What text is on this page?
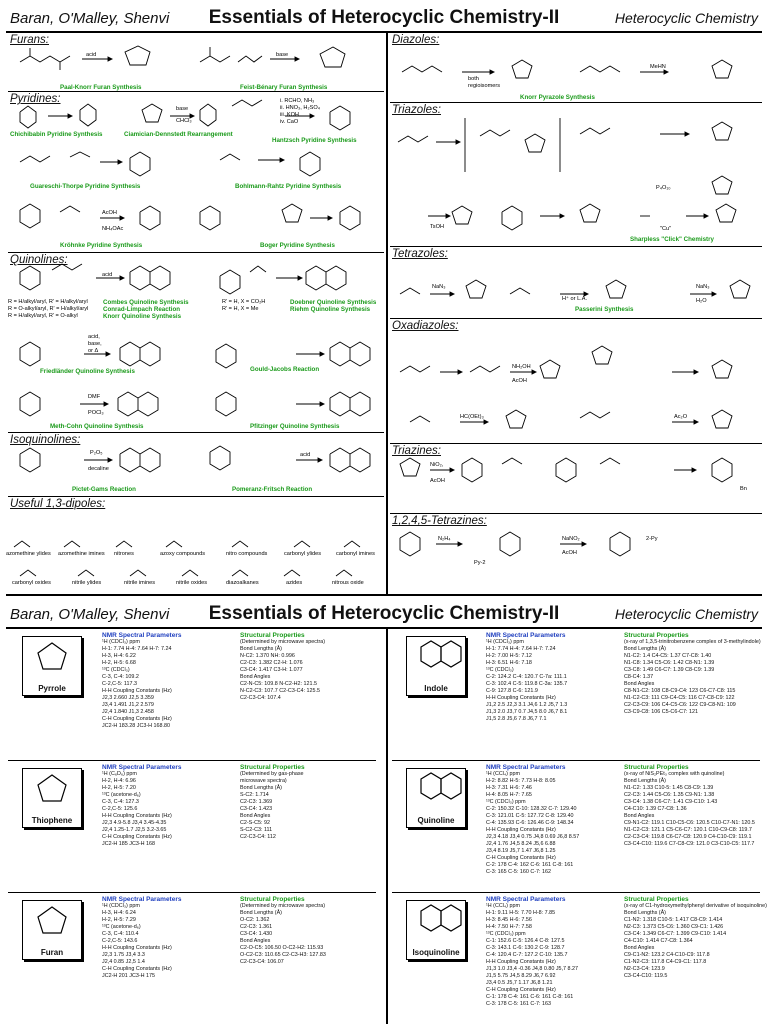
Baran, O'Malley, Shenvi	Essentials of Heterocyclic Chemistry-II	Heterocyclic Chemistry
Furans:
Pyridines:
Quinolines:
Isoquinolines:
Useful 1,3-dipoles:
Diazoles:
Triazoles:
Tetrazoles:
Oxadiazoles:
Triazines:
1,2,4,5-Tetrazines:
Paal-Knorr Furan Synthesis	Feist-Bénary Furan Synthesis
Chichibabin Pyridine Synthesis	Ciamician-Dennstedt Rearrangement
Hantzsch Pyridine Synthesis
Guareschi-Thorpe Pyridine Synthesis	Bohlmann-Rahtz Pyridine Synthesis
Kröhnke Pyridine Synthesis	Boger Pyridine Synthesis
Combes Quinoline Synthesis
Conrad-Limpach Reaction
Knorr Quinoline Synthesis
Doebner Quinoline Synthesis
Riehm Quinoline Synthesis
Friedländer Quinoline Synthesis	Gould-Jacobs Reaction
Meth-Cohn Quinoline Synthesis	Pfitzinger Quinoline Synthesis
Pictet-Gams Reaction	Pomeranz-Fritsch Reaction
Knorr Pyrazole Synthesis
Sharpless "Click" Chemistry
Passerini Synthesis
acid	base
base
CHCl₃
i. RCHO, NH₃
ii. HNO₃, H₂SO₄
iii. KOH
iv. CaO
AcOH
NH₄OAc
acid
R = H/alkyl/aryl, R' = H/alkyl/aryl
R = O-alkyl/aryl, R' = H/alkyl/aryl
R = H/alkyl/aryl, R' = O-alkyl
R' = H, X = CO₂H
R' = H, X = Me
acid,
base,
or Δ
DMF
POCl₃
P₂O₅
decaline
acid
both
regioisomers
MeHN
TsOH	"Cu"
P₄O₁₀
NaN₃
H⁺ or L.A.
NaN₃
H₂O
NH₂OH
AcOH
HC(OEt)₃	Ac₂O
NiO₂,
AcOH
N₂H₄	NaNO₂
AcOH
Py-2
2-Py
Bn
azomethine ylides azomethine imines nitrones	azoxy compounds	nitro compounds	carbonyl ylides	carbonyl imines
carbonyl oxides	nitrile ylides	nitrile imines	nitrile oxides	diazoalkanes	azides	nitrous oxide
Baran, O'Malley, Shenvi	Essentials of Heterocyclic Chemistry-II	Heterocyclic Chemistry
Pyrrole
NMR Spectral Parameters
¹H (CDCl₃) ppm
H-1: 7.74 H-4: 7.64 H-7: 7.24
H-3, H-4: 6.22
H-2, H-5: 6.68
¹³C (CDCl₃)
C-3, C-4: 109.2
C-2,C-5: 117.3
H-H Coupling Constants (Hz)
J2,3 2.660 J2,5 3.359
J3,4 1.491 J1,2 2.579
J2,4 1.840 J1,3 2.458
C-H Coupling Constants (Hz)
JC2-H 183.28 JC3-H 168.80
Structural Properties
(Determined by microwave spectra)
Bond Lengths (Å)
N-C2: 1.370 NH: 0.996
C2-C3: 1.382 C2-H: 1.076
C3-C4: 1.417 C3-H: 1.077
Bond Angles
C2-N-C5: 109.8 N-C2-H2: 121.5
N-C2-C3: 107.7 C2-C3-C4: 125.5
C2-C3-C4: 107.4
Thiophene
NMR Spectral Parameters
¹H (C₆D₆) ppm
H-2, H-4: 6.96
H-2, H-5: 7.20
¹³C (acetone-d₆)
C-3, C-4: 127.3
C-2,C-5: 125.6
H-H Coupling Constants (Hz)
J2,3 4.9-5.8 J3,4 3.45-4.35
J2,4 1.25-1.7 J2,5 3.2-3.65
C-H Coupling Constants (Hz)
JC2-H 185 JC3-H 168
Structural Properties
(Determined by gas-phase
microwave spectra)
Bond Lengths (Å)
S-C2: 1.714
C2-C3: 1.369
C3-C4: 1.423
Bond Angles
C2-S-C5: 92
S-C2-C3: 111
C2-C3-C4: 112
Furan
NMR Spectral Parameters
¹H (CDCl₃) ppm
H-3, H-4: 6.24
H-2, H-5: 7.29
¹³C (acetone-d₆)
C-3, C-4: 110.4
C-2,C-5: 143.6
H-H Coupling Constants (Hz)
J2,3 1.75 J3,4 3.3
J2,4 0.85 J2,5 1.4
C-H Coupling Constants (Hz)
JC2-H 201 JC3-H 175
Structural Properties
(Determined by microwave spectra)
Bond Lengths (Å)
O-C2: 1.362
C2-C3: 1.361
C3-C4: 1.430
Bond Angles
C2-O-C5: 106.50 O-C2-H2: 115.93
O-C2-C3: 110.65 C2-C3-H3: 127.83
C2-C3-C4: 106.07
Indole
NMR Spectral Parameters
¹H (CDCl₃) ppm
H-1: 7.74 H-4: 7.64 H-7: 7.24
H-2: 7.00 H-5: 7.12
H-3: 6.51 H-6: 7.18
¹³C (CDCl₃)
C-2: 124.2 C-4: 120.7 C-7a: 111.1
C-3: 102.4 C-5: 119.8 C-3a: 135.7
C-9: 127.8 C-6: 121.9
H-H Coupling Constants (Hz)
J1,2 2.5 J2,3 3.1 J4,6 1.2 J5,7 1.3
J1,3 2.0 J3,7 0.7 J4,5 8.0 J6,7 8.1
J1,5 2.8 J5,6 7.8 J6,7 7.1
Structural Properties
(x-ray of 1,3,5-trinitrobenzene complex of 3-methylindole)
Bond Lengths (Å)
N1-C2: 1.4 C4-C5: 1.37 C7-C8: 1.40
N1-C8: 1.34 C5-C6: 1.42 C8-N1: 1.39
C3-C8: 1.49 C6-C7: 1.39 C8-C9: 1.39
C8-C4: 1.37
Bond Angles
C8-N1-C2: 108 C8-C9-C4: 123 C6-C7-C8: 115
N1-C2-C3: 111 C9-C4-C5: 116 C7-C8-C9: 122
C2-C3-C9: 106 C4-C5-C6: 122 C9-C8-N1: 109
C3-C9-C8: 106 C5-C6-C7: 121
Quinoline
NMR Spectral Parameters
¹H (CCl₄) ppm
H-2: 8.82 H-5: 7.73 H-8: 8.05
H-3: 7.31 H-6: 7.46
H-4: 8.05 H-7: 7.65
¹³C (CDCl₃) ppm
C-2: 150.32 C-10: 128.32 C-7: 129.40
C-3: 121.01 C-5: 127.72 C-8: 129.40
C-4: 135.93 C-6: 126.46 C-9: 148.34
H-H Coupling Constants (Hz)
J2,3 4.18 J3,4 0.75 J4,8 0.69 J6,8 8.57
J2,4 1.76 J4,5 8.24 J5,6 6.88
J3,4 8.19 J5,7 1.47 J6,8 1.25
C-H Coupling Constants (Hz)
C-2: 178 C-4: 162 C-6: 161 C-8: 161
C-3: 165 C-5: 160 C-7: 162
Structural Properties
(x-ray of NiS₂PEt₃ complex with quinoline)
Bond Lengths (Å)
N1-C2: 1.33 C10-5: 1.45 C8-C9: 1.39
C2-C3: 1.44 C5-C6: 1.35 C9-N1: 1.38
C3-C4: 1.38 C6-C7: 1.41 C9-C10: 1.43
C4-C10: 1.39 C7-C8: 1.36
Bond Angles
C9-N1-C2: 119.1 C10-C5-C6: 120.5 C10-C7-N1: 120.5
N1-C2-C3: 121.1 C5-C6-C7: 120.1 C10-C9-C8: 119.7
C2-C3-C4: 119.8 C6-C7-C8: 120.9 C4-C10-C9: 119.1
C3-C4-C10: 119.6 C7-C8-C9: 121.0 C3-C10-C5: 117.7
Isoquinoline
NMR Spectral Parameters
¹H (CCl₄) ppm
H-1: 9.11 H-5: 7.70 H-8: 7.85
H-3: 8.45 H-6: 7.56
H-4: 7.50 H-7: 7.58
¹³C (CDCl₃) ppm
C-1: 152.6 C-5: 126.4 C-8: 127.5
C-3: 143.1 C-6: 130.2 C-9: 128.7
C-4: 120.4 C-7: 127.2 C-10: 135.7
H-H Coupling Constants (Hz)
J1,3 1.0 J3,4 -0.36 J4,8 0.80 J5,7 8.27
J1,5 5.75 J4,5 8.29 J6,7 6.92
J3,4 0.5 J5,7 1.17 J6,8 1.21
C-H Coupling Constants (Hz)
C-1: 178 C-4: 161 C-6: 161 C-8: 161
C-3: 178 C-5: 161 C-7: 163
Structural Properties
(x-ray of C1-hydroxymethylphenyl derivative of isoquinoline)
Bond Lengths (Å)
C1-N2: 1.318 C10-5: 1.417 C8-C9: 1.414
N2-C3: 1.373 C5-C6: 1.360 C9-C1: 1.426
C3-C4: 1.349 C6-C7: 1.399 C9-C10: 1.414
C4-C10: 1.414 C7-C8: 1.364
Bond Angles
C9-C1-N2: 123.2 C4-C10-C9: 117.8
C1-N2-C3: 117.8 C4-C9-C1: 117.8
N2-C3-C4: 123.9
C3-C4-C10: 119.5
